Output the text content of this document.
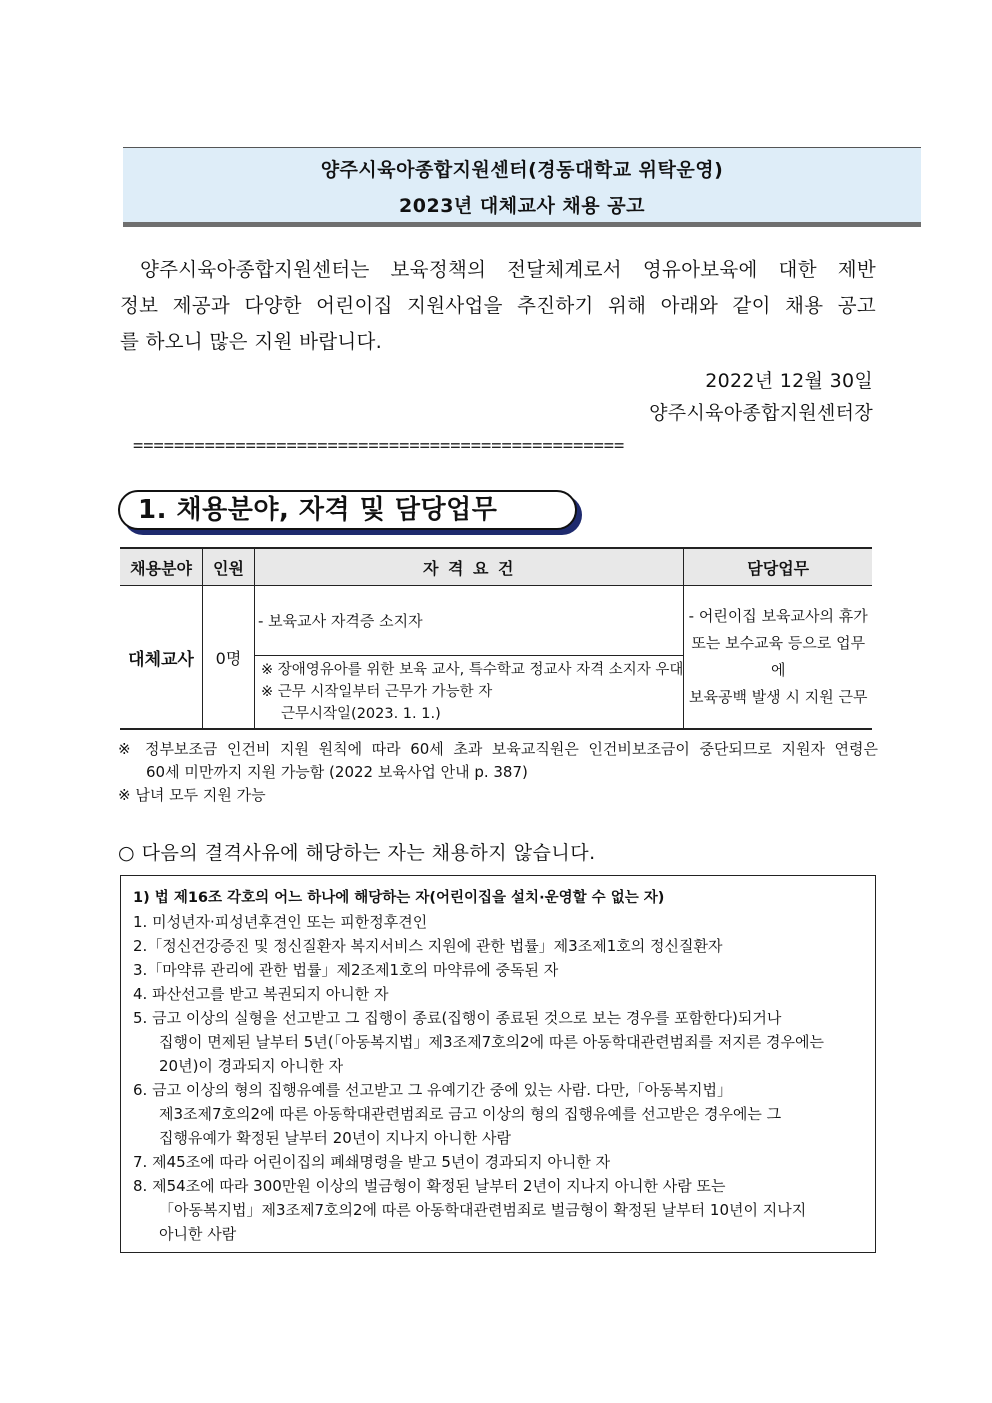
양주시육아종합지원센터(경동대학교 위탁운영)
2023년 대체교사 채용 공고
양주시육아종합지원센터는 보육정책의 전달체계로서 영유아보육에 대한 제반
정보 제공과 다양한 어린이집 지원사업을 추진하기 위해 아래와 같이 채용 공고
를 하오니 많은 지원 바랍니다.
2022년 12월 30일
양주시육아종합지원센터장
================================================
1. 채용분야, 자격 및 담당업무
채용분야	인원	자 격 요 건	담당업무
대체교사	0명	- 보육교사 자격증 소지자	- 어린이집 보육교사의 휴가
또는 보수교육 등으로 업무에
보육공백 발생 시 지원 근무

		※ 장애영유아를 위한 보육 교사, 특수학교 정교사 자격 소지자 우대
※ 근무 시작일부터 근무가 가능한 자
근무시작일(2023. 1. 1.)	
※ 정부보조금 인건비 지원 원칙에 따라 60세 초과 보육교직원은 인건비보조금이 중단되므로 지원자 연령은
60세 미만까지 지원 가능함 (2022 보육사업 안내 p. 387)
※ 남녀 모두 지원 가능
○ 다음의 결격사유에 해당하는 자는 채용하지 않습니다.
1) 법 제16조 각호의 어느 하나에 해당하는 자(어린이집을 설치·운영할 수 없는 자)
1. 미성년자·피성년후견인 또는 피한정후견인
2.「정신건강증진 및 정신질환자 복지서비스 지원에 관한 법률」제3조제1호의 정신질환자
3.「마약류 관리에 관한 법률」제2조제1호의 마약류에 중독된 자
4. 파산선고를 받고 복권되지 아니한 자
5. 금고 이상의 실형을 선고받고 그 집행이 종료(집행이 종료된 것으로 보는 경우를 포함한다)되거나
집행이 면제된 날부터 5년(「아동복지법」제3조제7호의2에 따른 아동학대관련범죄를 저지른 경우에는
20년)이 경과되지 아니한 자
6. 금고 이상의 형의 집행유예를 선고받고 그 유예기간 중에 있는 사람. 다만,「아동복지법」
제3조제7호의2에 따른 아동학대관련범죄로 금고 이상의 형의 집행유예를 선고받은 경우에는 그
집행유예가 확정된 날부터 20년이 지나지 아니한 사람
7. 제45조에 따라 어린이집의 폐쇄명령을 받고 5년이 경과되지 아니한 자
8. 제54조에 따라 300만원 이상의 벌금형이 확정된 날부터 2년이 지나지 아니한 사람 또는
「아동복지법」제3조제7호의2에 따른 아동학대관련범죄로 벌금형이 확정된 날부터 10년이 지나지
아니한 사람
